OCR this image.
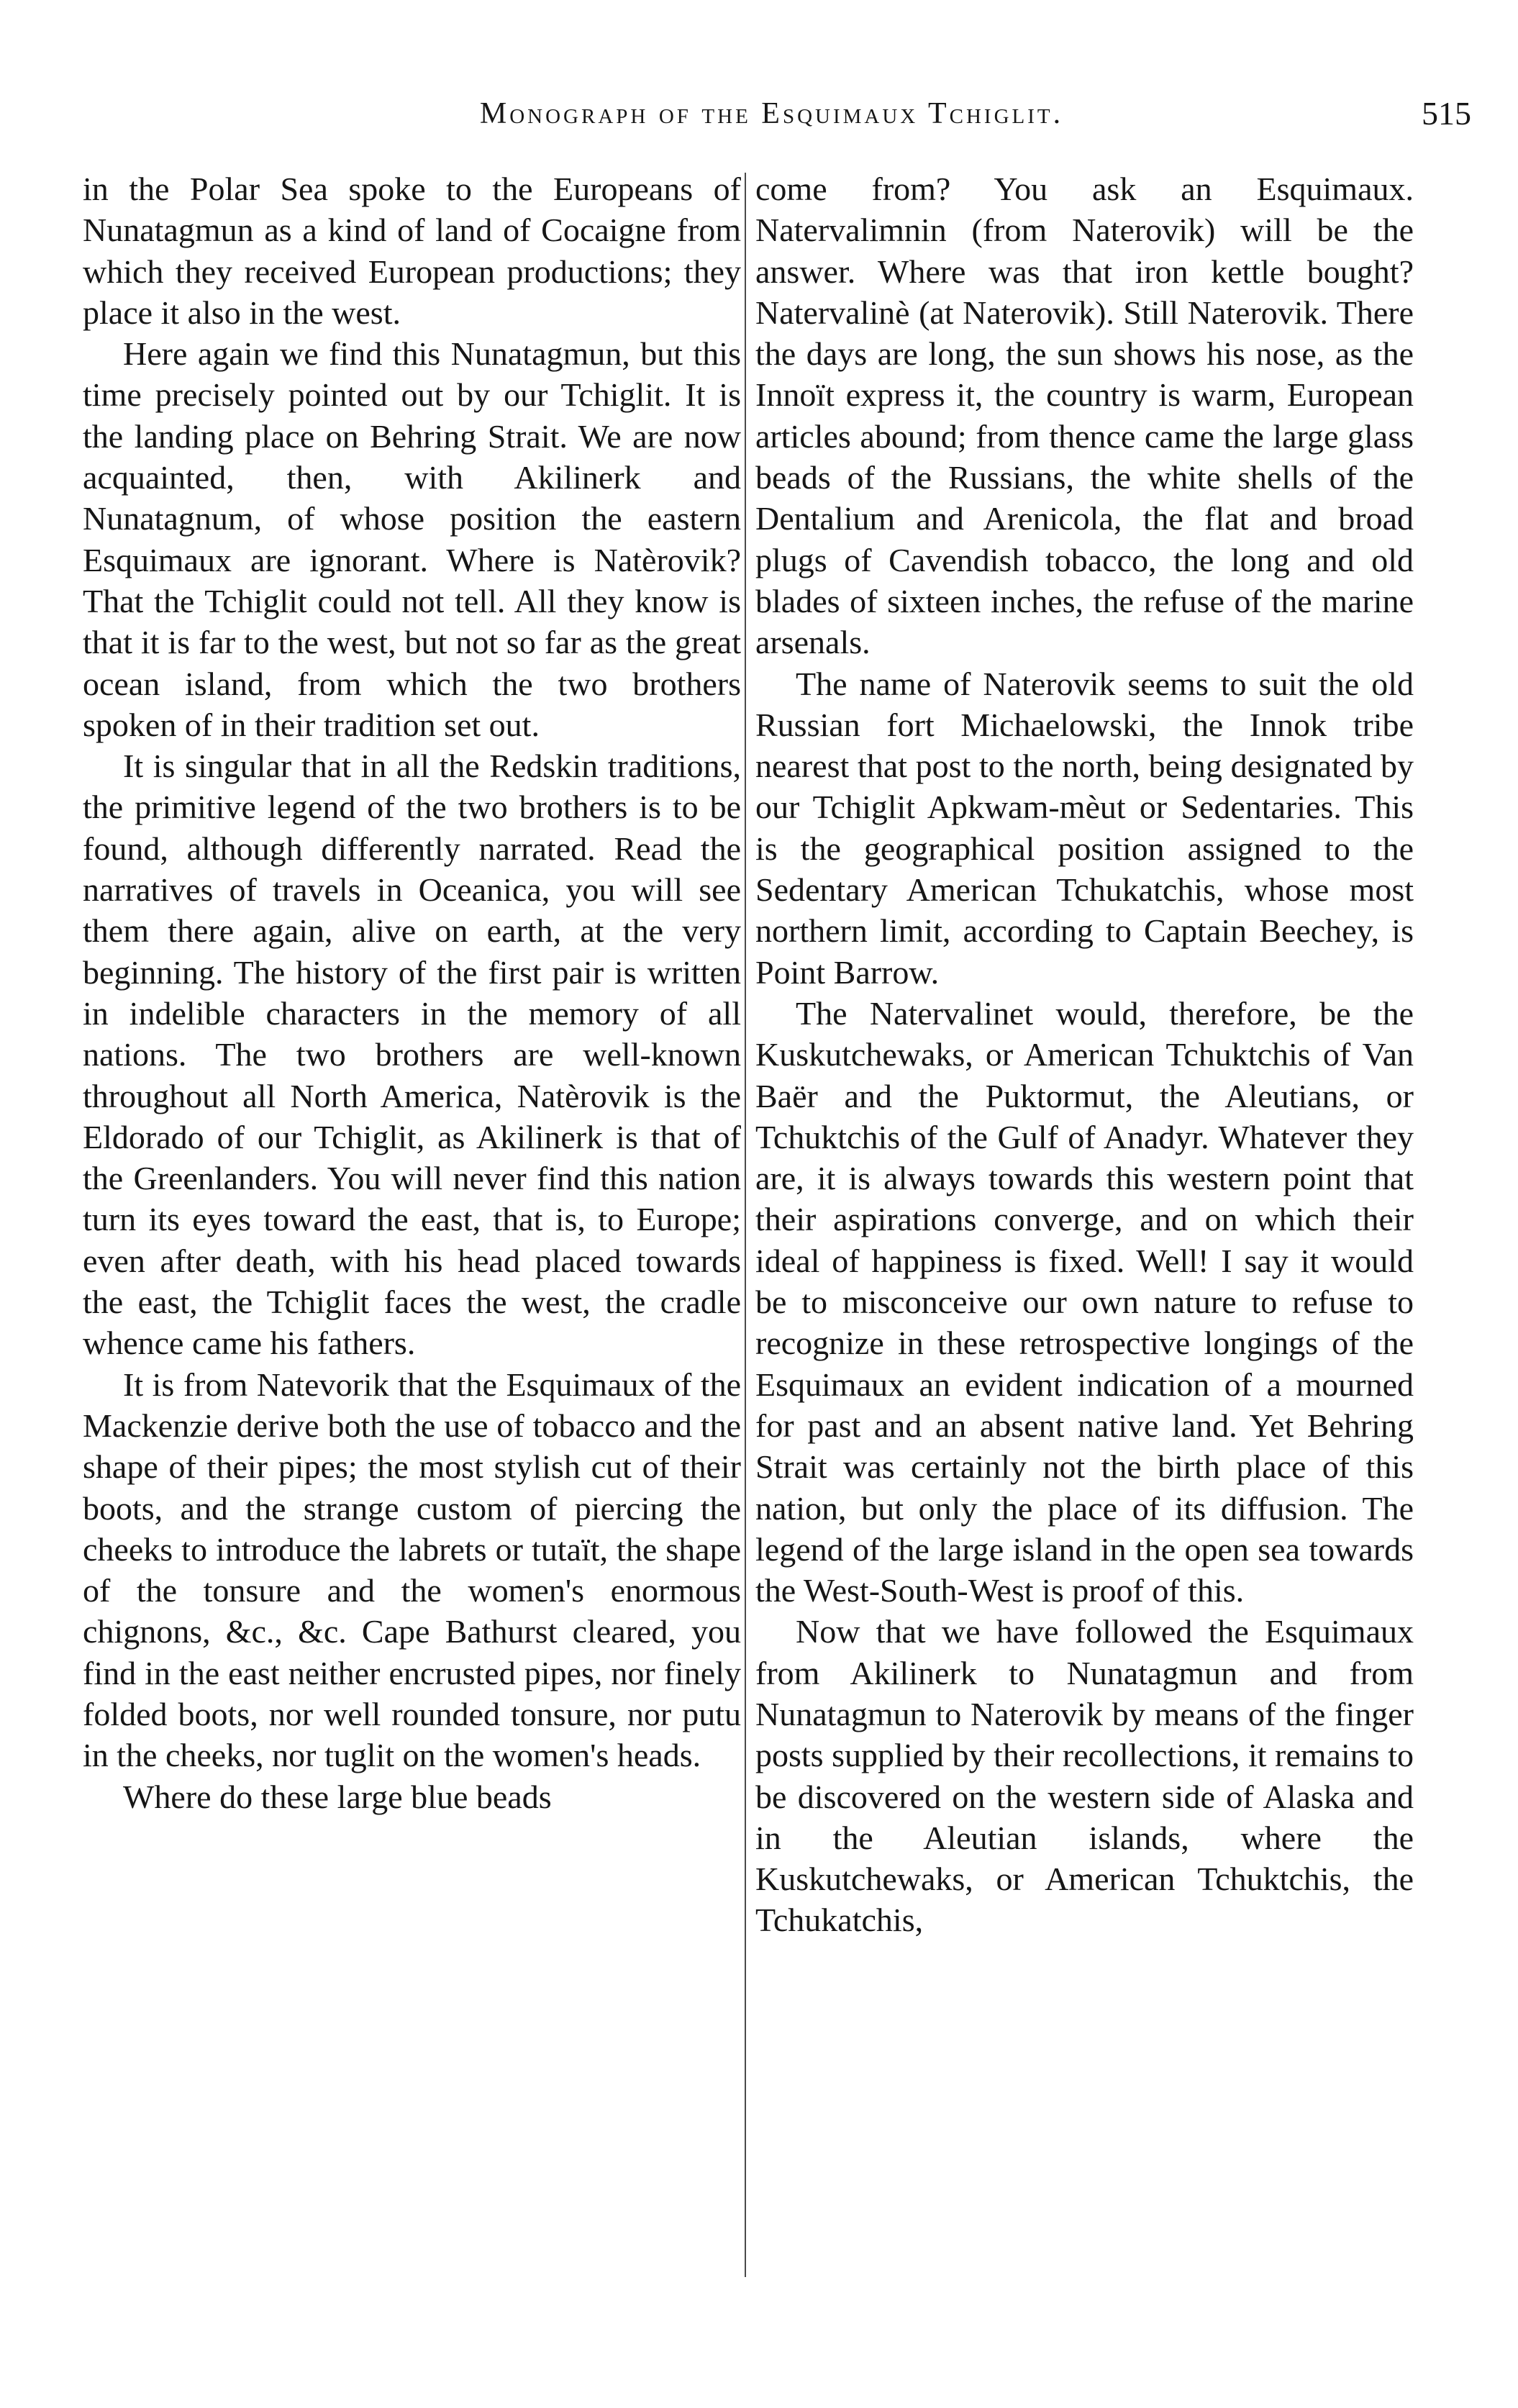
Monograph of the Esquimaux Tchiglit.	515

in the Polar Sea spoke to the Europeans of Nunatagmun as a kind of land of Cocaigne from which they received European productions; they place it also in the west.

Here again we find this Nunatagmun, but this time precisely pointed out by our Tchiglit. It is the landing place on Behring Strait. We are now acquainted, then, with Akilinerk and Nunatagnum, of whose position the eastern Esquimaux are ignorant. Where is Natèrovik? That the Tchiglit could not tell. All they know is that it is far to the west, but not so far as the great ocean island, from which the two brothers spoken of in their tradition set out.

It is singular that in all the Redskin traditions, the primitive legend of the two brothers is to be found, although differently narrated. Read the narratives of travels in Oceanica, you will see them there again, alive on earth, at the very beginning. The history of the first pair is written in indelible characters in the memory of all nations. The two brothers are well-known throughout all North America, Natèrovik is the Eldorado of our Tchiglit, as Akilinerk is that of the Greenlanders. You will never find this nation turn its eyes toward the east, that is, to Europe; even after death, with his head placed towards the east, the Tchiglit faces the west, the cradle whence came his fathers.

It is from Natevorik that the Esquimaux of the Mackenzie derive both the use of tobacco and the shape of their pipes; the most stylish cut of their boots, and the strange custom of piercing the cheeks to introduce the labrets or tutaït, the shape of the tonsure and the women's enormous chignons, &c., &c. Cape Bathurst cleared, you find in the east neither encrusted pipes, nor finely folded boots, nor well rounded tonsure, nor putu in the cheeks, nor tuglit on the women's heads.

Where do these large blue beads

come from? You ask an Esquimaux. Natervalimnin (from Naterovik) will be the answer. Where was that iron kettle bought? Natervalinè (at Naterovik). Still Naterovik. There the days are long, the sun shows his nose, as the Innoït express it, the country is warm, European articles abound; from thence came the large glass beads of the Russians, the white shells of the Dentalium and Arenicola, the flat and broad plugs of Cavendish tobacco, the long and old blades of sixteen inches, the refuse of the marine arsenals.

The name of Naterovik seems to suit the old Russian fort Michaelowski, the Innok tribe nearest that post to the north, being designated by our Tchiglit Apkwam-mèut or Sedentaries. This is the geographical position assigned to the Sedentary American Tchukatchis, whose most northern limit, according to Captain Beechey, is Point Barrow.

The Natervalinet would, therefore, be the Kuskutchewaks, or American Tchuktchis of Van Baër and the Puktormut, the Aleutians, or Tchuktchis of the Gulf of Anadyr. Whatever they are, it is always towards this western point that their aspirations converge, and on which their ideal of happiness is fixed. Well! I say it would be to misconceive our own nature to refuse to recognize in these retrospective longings of the Esquimaux an evident indication of a mourned for past and an absent native land. Yet Behring Strait was certainly not the birth place of this nation, but only the place of its diffusion. The legend of the large island in the open sea towards the West-South-West is proof of this.

Now that we have followed the Esquimaux from Akilinerk to Nunatagmun and from Nunatagmun to Naterovik by means of the finger posts supplied by their recollections, it remains to be discovered on the western side of Alaska and in the Aleutian islands, where the Kuskutchewaks, or American Tchuktchis, the Tchukatchis,
